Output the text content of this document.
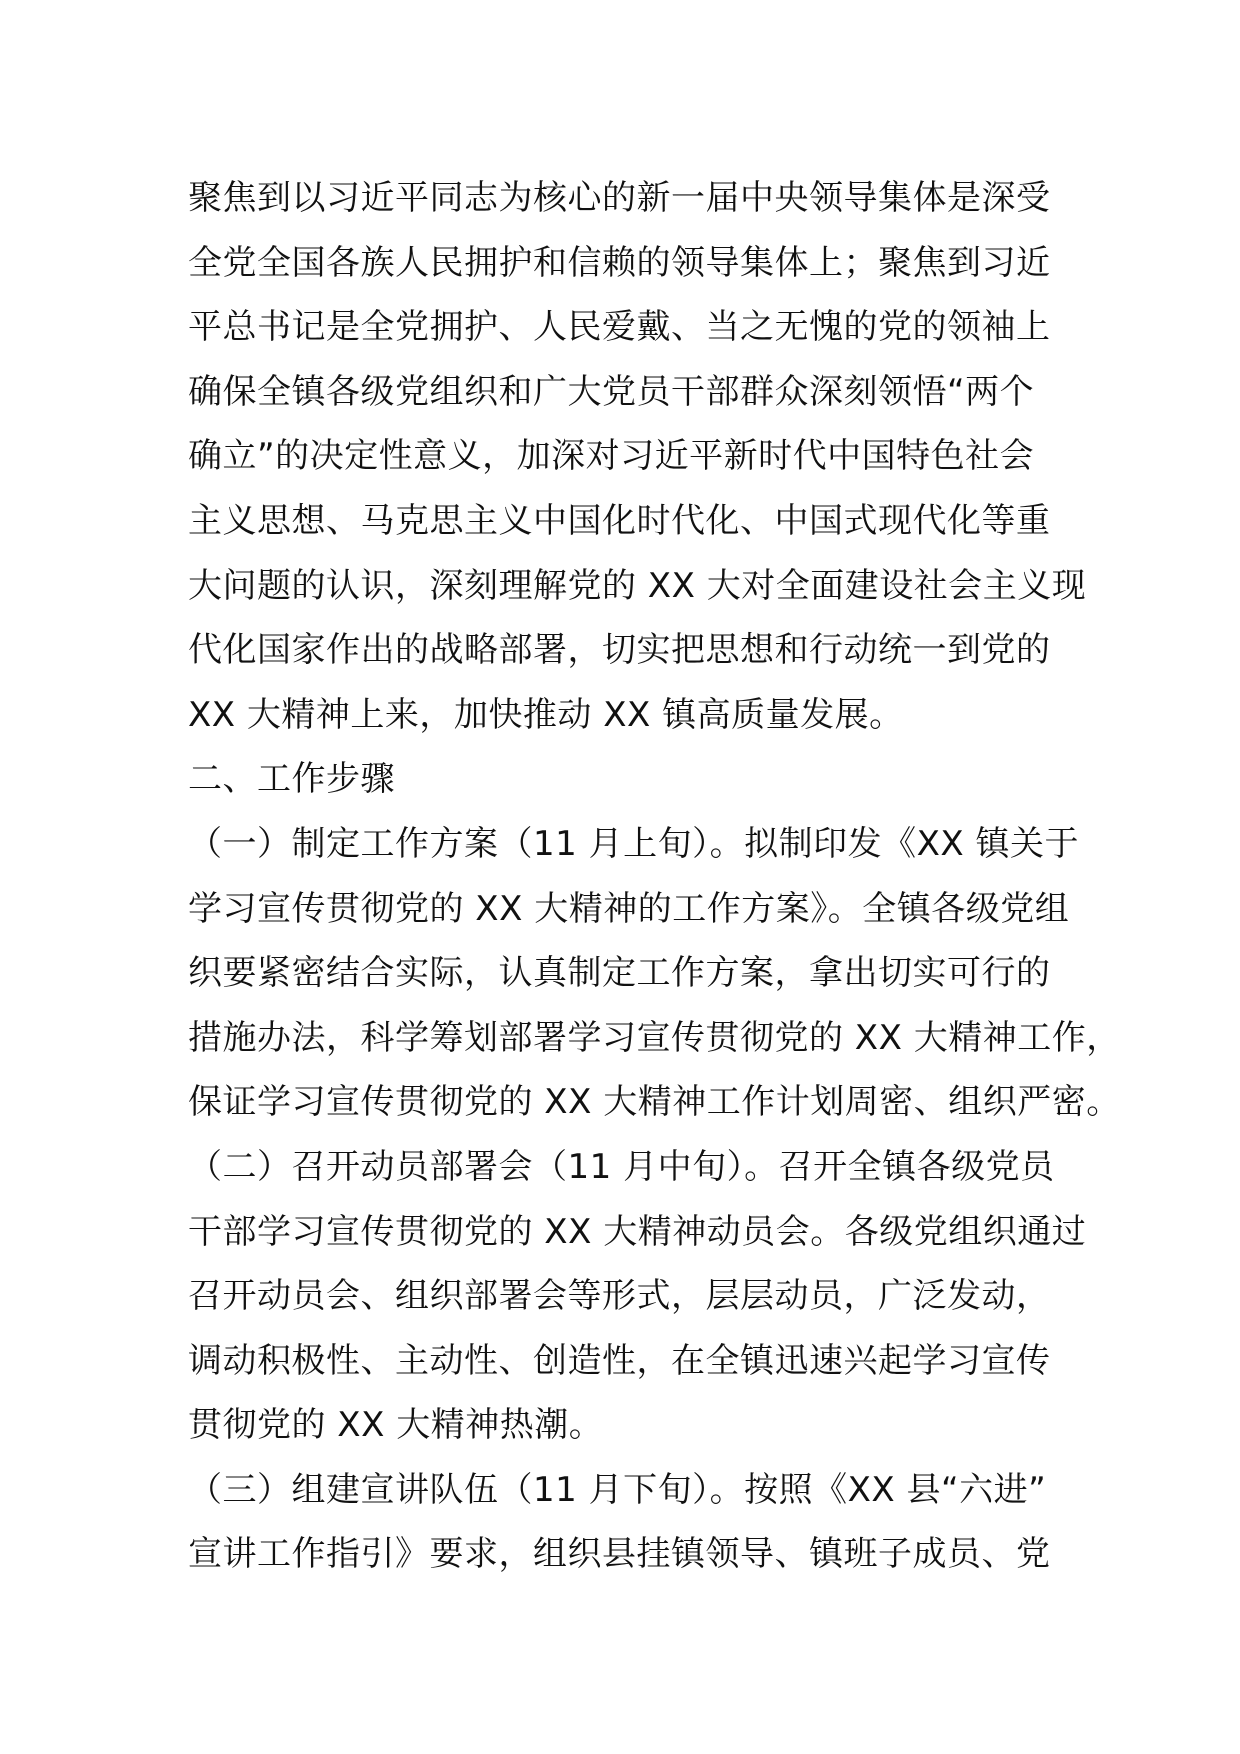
聚焦到以习近平同志为核心的新一届中央领导集体是深受
全党全国各族人民拥护和信赖的领导集体上；聚焦到习近
平总书记是全党拥护、人民爱戴、当之无愧的党的领袖上
确保全镇各级党组织和广大党员干部群众深刻领悟“两个
确立”的决定性意义，加深对习近平新时代中国特色社会
主义思想、马克思主义中国化时代化、中国式现代化等重
大问题的认识，深刻理解党的 XX 大对全面建设社会主义现
代化国家作出的战略部署，切实把思想和行动统一到党的
XX 大精神上来，加快推动 XX 镇高质量发展。
二、工作步骤
（一）制定工作方案（11 月上旬）。拟制印发《XX 镇关于
学习宣传贯彻党的 XX 大精神的工作方案》。全镇各级党组
织要紧密结合实际，认真制定工作方案，拿出切实可行的
措施办法，科学筹划部署学习宣传贯彻党的 XX 大精神工作，
保证学习宣传贯彻党的 XX 大精神工作计划周密、组织严密。
（二）召开动员部署会（11 月中旬）。召开全镇各级党员
干部学习宣传贯彻党的 XX 大精神动员会。各级党组织通过
召开动员会、组织部署会等形式，层层动员，广泛发动，
调动积极性、主动性、创造性，在全镇迅速兴起学习宣传
贯彻党的 XX 大精神热潮。
（三）组建宣讲队伍（11 月下旬）。按照《XX 县“六进”
宣讲工作指引》要求，组织县挂镇领导、镇班子成员、党
